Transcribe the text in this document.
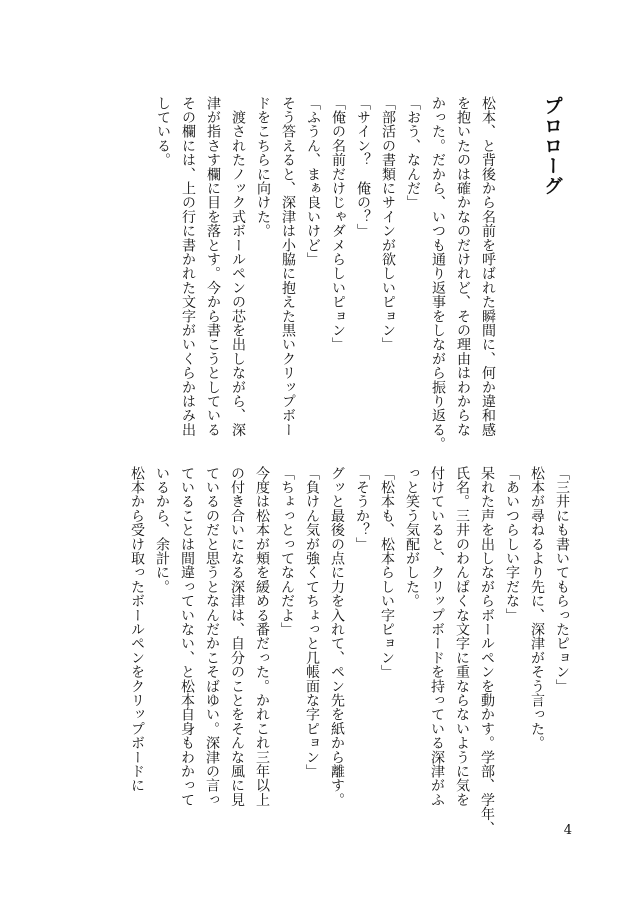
プロローグ

松本、と背後から名前を呼ばれた瞬間に、何か違和感

を抱いたのは確かなのだけれど、その理由はわからな

かった。だから、いつも通り返事をしながら振り返る。

「おう、なんだ」

「部活の書類にサインが欲しいピョン」

「サイン？　俺の？」

「俺の名前だけじゃダメらしいピョン」

「ふうん、まぁ良いけど」

そう答えると、深津は小脇に抱えた黒いクリップボー

ドをこちらに向けた。

　渡されたノック式ボールペンの芯を出しながら、深

津が指さす欄に目を落とす。今から書こうとしている

その欄には、上の行に書かれた文字がいくらかはみ出

している。

「三井にも書いてもらったピョン」

松本が尋ねるより先に、深津がそう言った。

「あいつらしい字だな」

呆れた声を出しながらボールペンを動かす。学部、学年、

氏名。三井のわんぱくな文字に重ならないように気を

付けていると、クリップボードを持っている深津がふ

っと笑う気配がした。

「松本も、松本らしい字ピョン」

「そうか？」

グッと最後の点に力を入れて、ペン先を紙から離す。

「負けん気が強くてちょっと几帳面な字ピョン」

「ちょっとってなんだよ」

今度は松本が頬を緩める番だった。かれこれ三年以上

の付き合いになる深津は、自分のことをそんな風に見

ているのだと思うとなんだかこそばゆい。深津の言っ

ていることは間違っていない、と松本自身もわかって

いるから、余計に。

松本から受け取ったボールペンをクリップボードに

4
